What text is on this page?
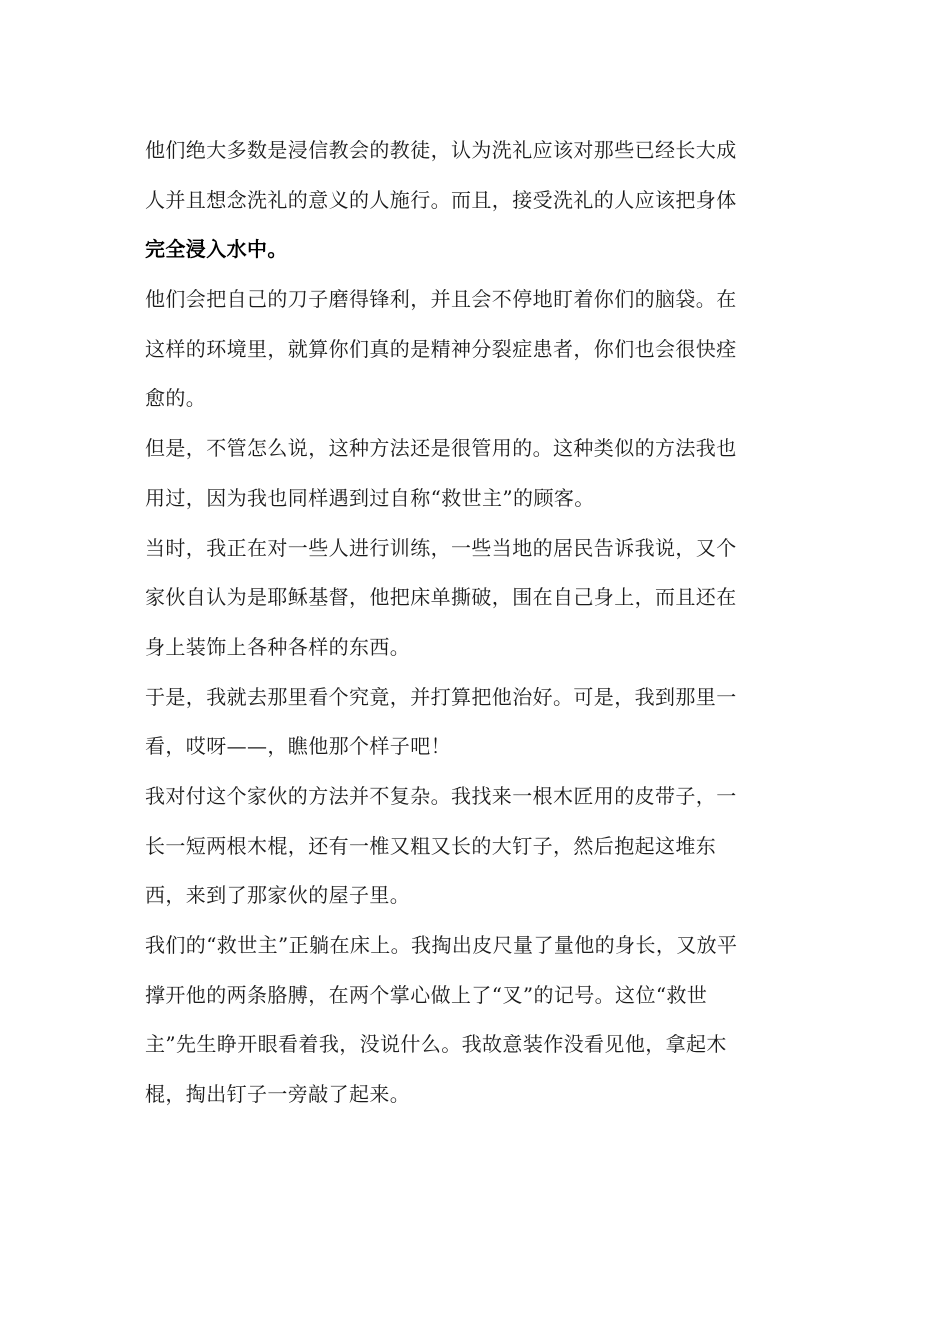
他们绝大多数是浸信教会的教徒，认为洗礼应该对那些已经长大成
人并且想念洗礼的意义的人施行。而且，接受洗礼的人应该把身体
完全浸入水中。
他们会把自己的刀子磨得锋利，并且会不停地盯着你们的脑袋。在
这样的环境里，就算你们真的是精神分裂症患者，你们也会很快痊
愈的。
但是，不管怎么说，这种方法还是很管用的。这种类似的方法我也
用过，因为我也同样遇到过自称“救世主”的顾客。
当时，我正在对一些人进行训练，一些当地的居民告诉我说，又个
家伙自认为是耶稣基督，他把床单撕破，围在自己身上，而且还在
身上装饰上各种各样的东西。
于是，我就去那里看个究竟，并打算把他治好。可是，我到那里一
看，哎呀——，瞧他那个样子吧！
我对付这个家伙的方法并不复杂。我找来一根木匠用的皮带子，一
长一短两根木棍，还有一椎又粗又长的大钉子，然后抱起这堆东
西，来到了那家伙的屋子里。
我们的“救世主”正躺在床上。我掏出皮尺量了量他的身长，又放平
撑开他的两条胳膊，在两个掌心做上了“叉”的记号。这位“救世
主”先生睁开眼看着我，没说什么。我故意装作没看见他，拿起木
棍，掏出钉子一旁敲了起来。
